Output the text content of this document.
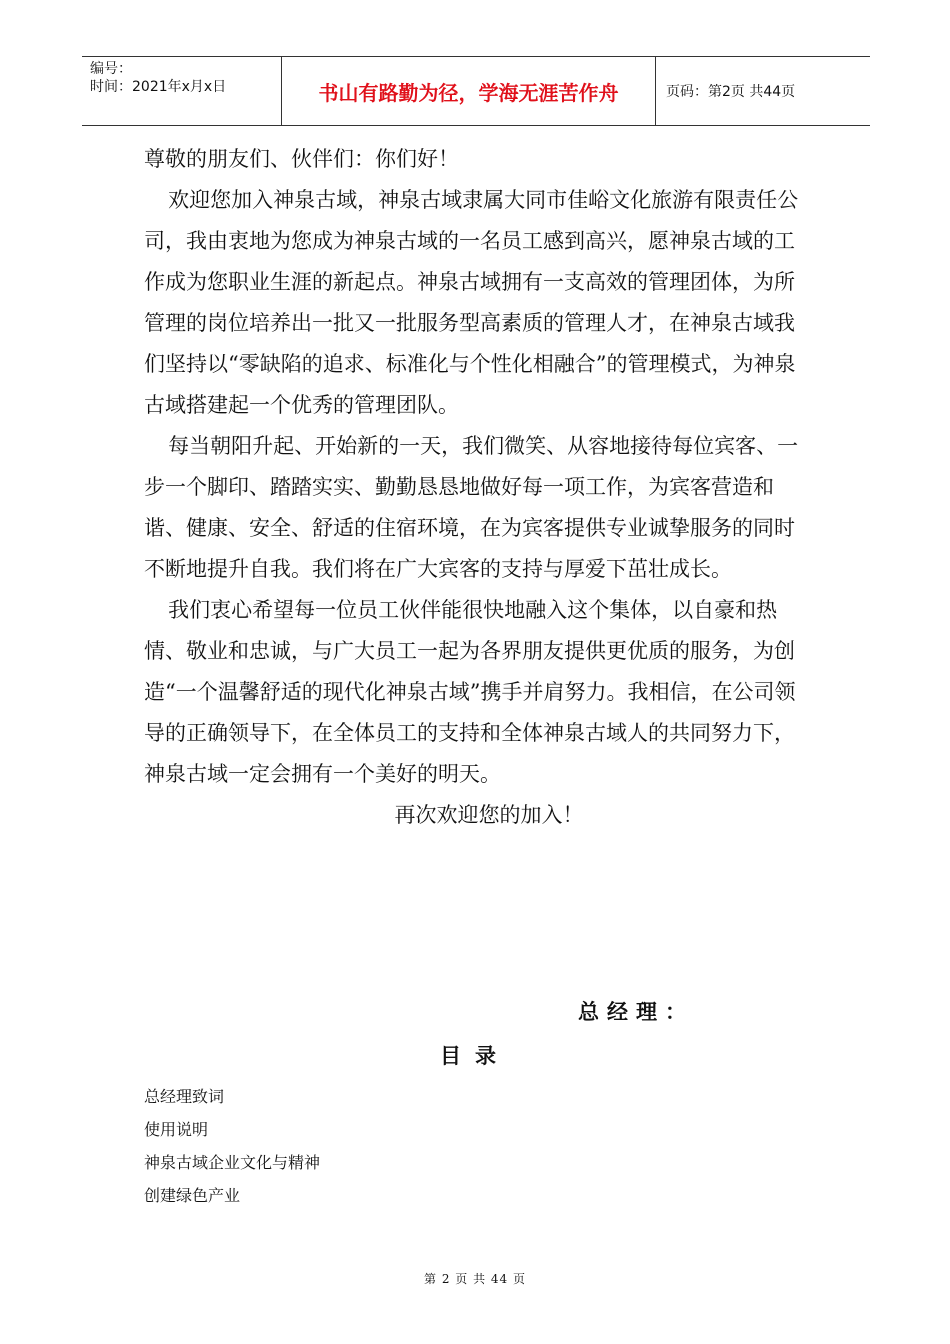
编号：
时间：2021年x月x日	书山有路勤为径，学海无涯苦作舟	页码：第2页 共44页

尊敬的朋友们、伙伴们：你们好！

欢迎您加入神泉古域，神泉古域隶属大同市佳峪文化旅游有限责任公司，我由衷地为您成为神泉古域的一名员工感到高兴，愿神泉古域的工作成为您职业生涯的新起点。神泉古域拥有一支高效的管理团体，为所管理的岗位培养出一批又一批服务型高素质的管理人才，在神泉古域我们坚持以“零缺陷的追求、标准化与个性化相融合”的管理模式，为神泉古域搭建起一个优秀的管理团队。

每当朝阳升起、开始新的一天，我们微笑、从容地接待每位宾客、一步一个脚印、踏踏实实、勤勤恳恳地做好每一项工作，为宾客营造和谐、健康、安全、舒适的住宿环境，在为宾客提供专业诚挚服务的同时不断地提升自我。我们将在广大宾客的支持与厚爱下茁壮成长。

我们衷心希望每一位员工伙伴能很快地融入这个集体，以自豪和热情、敬业和忠诚，与广大员工一起为各界朋友提供更优质的服务，为创造“一个温馨舒适的现代化神泉古域”携手并肩努力。我相信，在公司领导的正确领导下，在全体员工的支持和全体神泉古域人的共同努力下，神泉古域一定会拥有一个美好的明天。

再次欢迎您的加入！

总经理：
目录
总经理致词
使用说明
神泉古域企业文化与精神
创建绿色产业
第 2 页 共 44 页
